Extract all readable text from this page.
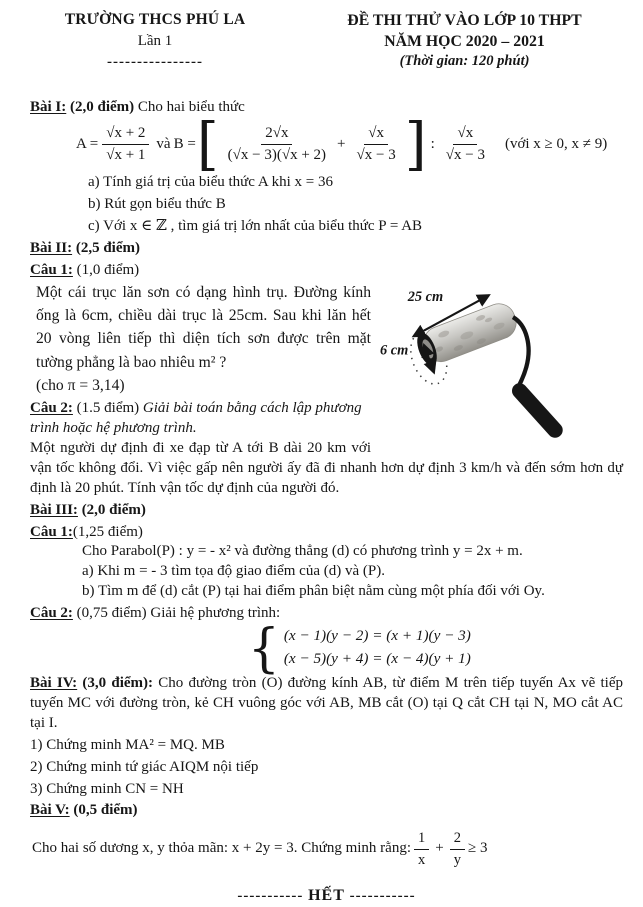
TRƯỜNG THCS PHÚ LA
Lần 1
----------------
ĐỀ THI THỬ VÀO LỚP 10 THPT
NĂM HỌC 2020 – 2021
(Thời gian: 120 phút)
Bài I: (2,0 điểm) Cho hai biểu thức
$A = \frac{√x + 2}{√x + 1}$ và B = [ $\frac{2√x}{(√x - 3)(√x + 2)} + \frac{√x}{√x - 3}$ ] : $\frac{√x}{√x - 3}$ (với x ≥ 0, x ≠ 9)
a) Tính giá trị của biểu thức A khi x = 36
b) Rút gọn biểu thức B
c) Với x ∈ ℤ , tìm giá trị lớn nhất của biểu thức P = AB
Bài II: (2,5 điểm)
Câu 1: (1,0 điểm)
25 cm
6 cm

Một cái trục lăn sơn có dạng hình trụ. Đường kính ống là 6cm, chiều dài trục là 25cm. Sau khi lăn hết 20 vòng liên tiếp thì diện tích sơn được trên mặt tường phẳng là bao nhiêu m² ?

(cho π = 3,14)
Câu 2: (1.5 điểm) Giải bài toán bằng cách lập phương trình hoặc hệ phương trình.

Một người dự định đi xe đạp từ A tới B dài 20 km với vận tốc không đổi. Vì việc gấp nên người ấy đã đi nhanh hơn dự định 3 km/h và đến sớm hơn dự định là 20 phút. Tính vận tốc dự định của người đó.

Bài III: (2,0 điểm)
Câu 1:(1,25 điểm)
Cho Parabol(P) : y = - x² và đường thẳng (d) có phương trình y = 2x + m.
a) Khi m = - 3 tìm tọa độ giao điểm của (d) và (P).
b) Tìm m để (d) cắt (P) tại hai điểm phân biệt nằm cùng một phía đối với Oy.
Câu 2: (0,75 điểm) Giải hệ phương trình:
{ (x − 1)(y − 2) = (x + 1)(y − 3)
(x − 5)(y + 4) = (x − 4)(y + 1)

Bài IV: (3,0 điểm): Cho đường tròn (O) đường kính AB, từ điểm M trên tiếp tuyến Ax vẽ tiếp tuyến MC với đường tròn, kẻ CH vuông góc với AB, MB cắt (O) tại Q cắt CH tại N, MO cắt AC tại I.

1) Chứng minh MA² = MQ. MB
2) Chứng minh tứ giác AIQM nội tiếp
3) Chứng minh CN = NH
Bài V: (0,5 điểm)
Cho hai số dương x, y thỏa mãn: x + 2y = 3. Chứng minh rằng: $\frac{1}{x} + \frac{2}{y} \ge 3$
----------- HẾT -----------
